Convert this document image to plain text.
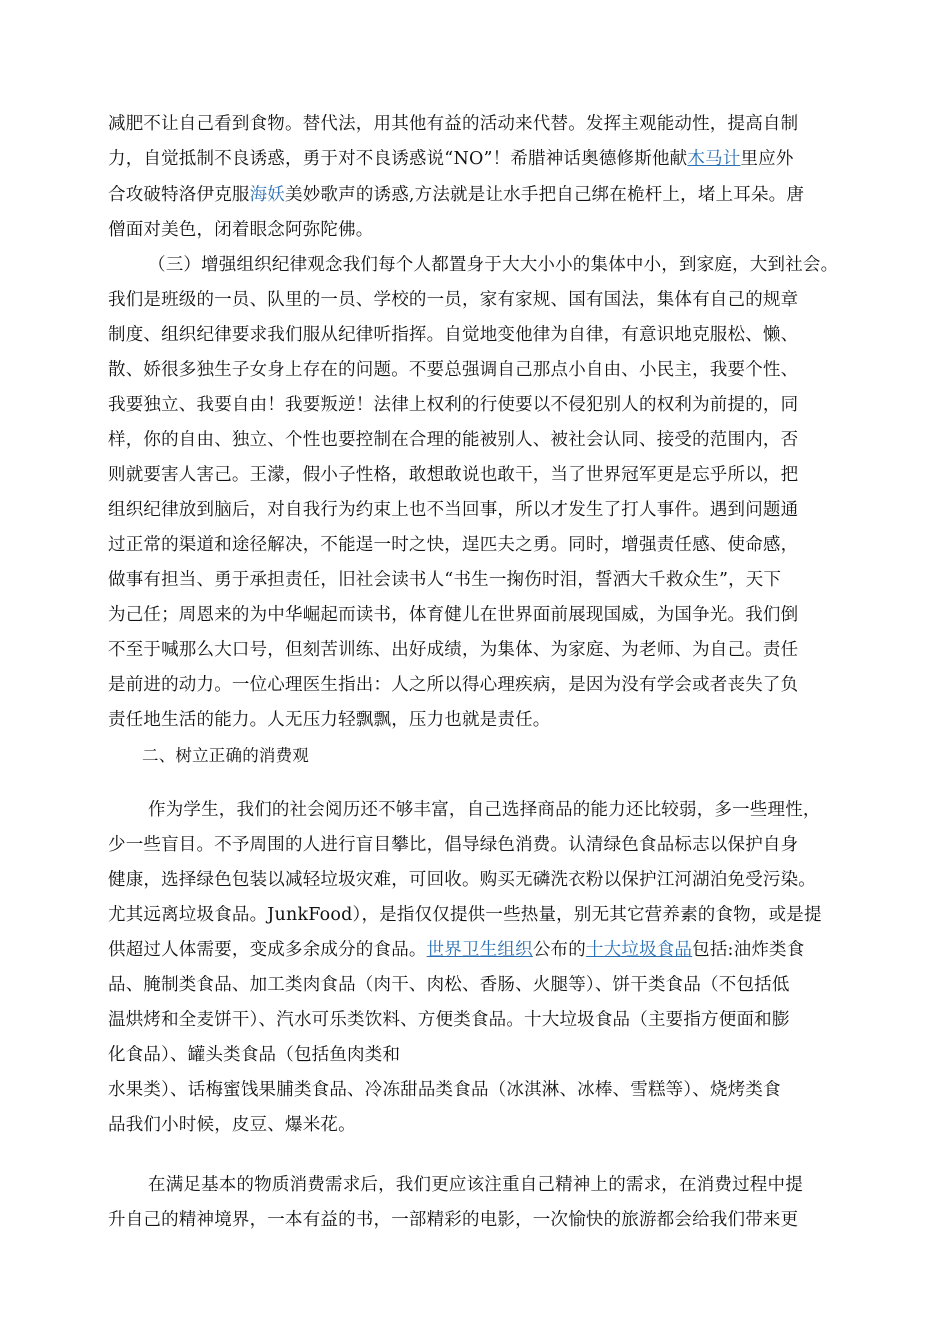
减肥不让自己看到食物。替代法，用其他有益的活动来代替。发挥主观能动性，提高自制
力，自觉抵制不良诱惑，勇于对不良诱惑说“NO”！希腊神话奥德修斯他献木马计里应外
合攻破特洛伊克服海妖美妙歌声的诱惑,方法就是让水手把自己绑在桅杆上，堵上耳朵。唐
僧面对美色，闭着眼念阿弥陀佛。
（三）增强组织纪律观念我们每个人都置身于大大小小的集体中小，到家庭，大到社会。
我们是班级的一员、队里的一员、学校的一员，家有家规、国有国法，集体有自己的规章
制度、组织纪律要求我们服从纪律听指挥。自觉地变他律为自律，有意识地克服松、懒、
散、娇很多独生子女身上存在的问题。不要总强调自己那点小自由、小民主，我要个性、
我要独立、我要自由！我要叛逆！法律上权利的行使要以不侵犯别人的权利为前提的，同
样，你的自由、独立、个性也要控制在合理的能被别人、被社会认同、接受的范围内，否
则就要害人害己。王濛，假小子性格，敢想敢说也敢干，当了世界冠军更是忘乎所以，把
组织纪律放到脑后，对自我行为约束上也不当回事，所以才发生了打人事件。遇到问题通
过正常的渠道和途径解决，不能逞一时之快，逞匹夫之勇。同时，增强责任感、使命感，
做事有担当、勇于承担责任，旧社会读书人“书生一掬伤时泪，誓洒大千救众生”，天下
为己任；周恩来的为中华崛起而读书，体育健儿在世界面前展现国威，为国争光。我们倒
不至于喊那么大口号，但刻苦训练、出好成绩，为集体、为家庭、为老师、为自己。责任
是前进的动力。一位心理医生指出：人之所以得心理疾病，是因为没有学会或者丧失了负
责任地生活的能力。人无压力轻飘飘，压力也就是责任。
二、树立正确的消费观
作为学生，我们的社会阅历还不够丰富，自己选择商品的能力还比较弱，多一些理性，
少一些盲目。不予周围的人进行盲目攀比，倡导绿色消费。认清绿色食品标志以保护自身
健康，选择绿色包装以减轻垃圾灾难，可回收。购买无磷洗衣粉以保护江河湖泊免受污染。
尤其远离垃圾食品。JunkFood），是指仅仅提供一些热量，别无其它营养素的食物，或是提
供超过人体需要，变成多余成分的食品。世界卫生组织公布的十大垃圾食品包括:油炸类食
品、腌制类食品、加工类肉食品（肉干、肉松、香肠、火腿等）、饼干类食品（不包括低
温烘烤和全麦饼干）、汽水可乐类饮料、方便类食品。十大垃圾食品（主要指方便面和膨
化食品）、罐头类食品（包括鱼肉类和
水果类）、话梅蜜饯果脯类食品、冷冻甜品类食品（冰淇淋、冰棒、雪糕等）、烧烤类食
品我们小时候，皮豆、爆米花。
在满足基本的物质消费需求后，我们更应该注重自己精神上的需求，在消费过程中提
升自己的精神境界，一本有益的书，一部精彩的电影，一次愉快的旅游都会给我们带来更
